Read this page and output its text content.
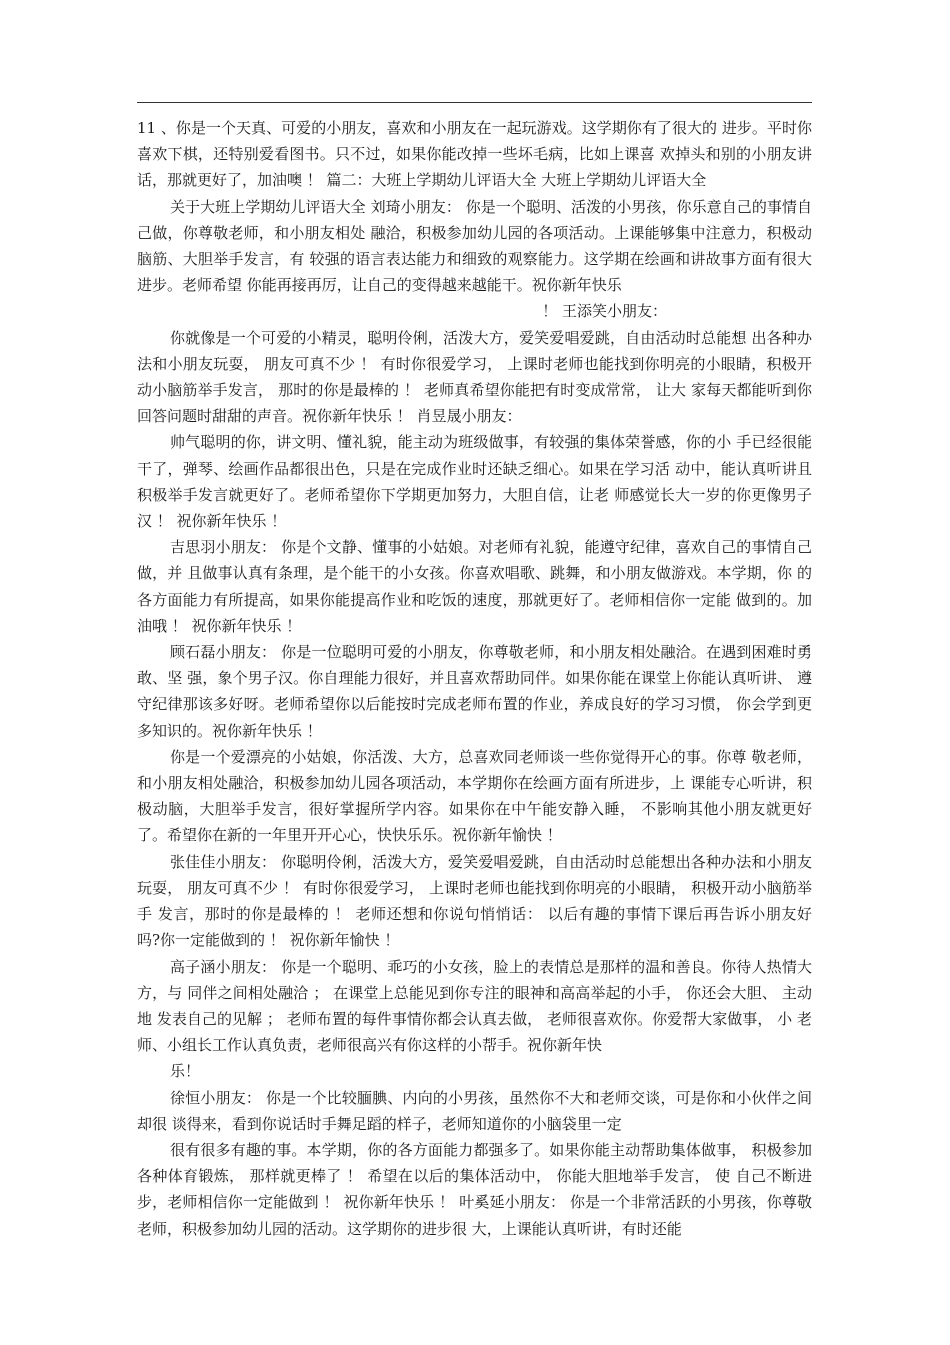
11 、你是一个天真、可爱的小朋友，喜欢和小朋友在一起玩游戏。这学期你有了很大的 进步。平时你喜欢下棋，还特别爱看图书。只不过，如果你能改掉一些坏毛病，比如上课喜 欢掉头和别的小朋友讲话，那就更好了，加油噢 ！ 篇二：大班上学期幼儿评语大全 大班上学期幼儿评语大全

关于大班上学期幼儿评语大全 刘琦小朋友： 你是一个聪明、活泼的小男孩，你乐意自己的事情自己做，你尊敬老师，和小朋友相处 融洽，积极参加幼儿园的各项活动。上课能够集中注意力，积极动脑筋、大胆举手发言，有 较强的语言表达能力和细致的观察能力。这学期在绘画和讲故事方面有很大进步。老师希望 你能再接再厉，让自己的变得越来越能干。祝你新年快乐

！ 王添笑小朋友：

你就像是一个可爱的小精灵，聪明伶俐，活泼大方，爱笑爱唱爱跳，自由活动时总能想 出各种办法和小朋友玩耍， 朋友可真不少 ！ 有时你很爱学习， 上课时老师也能找到你明亮的小眼睛，积极开动小脑筋举手发言， 那时的你是最棒的 ！ 老师真希望你能把有时变成常常， 让大 家每天都能听到你回答问题时甜甜的声音。祝你新年快乐 ！ 肖昱晟小朋友：

帅气聪明的你，讲文明、懂礼貌，能主动为班级做事，有较强的集体荣誉感，你的小 手已经很能干了，弹琴、绘画作品都很出色，只是在完成作业时还缺乏细心。如果在学习活 动中，能认真听讲且积极举手发言就更好了。老师希望你下学期更加努力，大胆自信，让老 师感觉长大一岁的你更像男子汉 ！ 祝你新年快乐 ！

吉思羽小朋友： 你是个文静、懂事的小姑娘。对老师有礼貌，能遵守纪律，喜欢自己的事情自己做，并 且做事认真有条理，是个能干的小女孩。你喜欢唱歌、跳舞，和小朋友做游戏。本学期，你 的各方面能力有所提高，如果你能提高作业和吃饭的速度，那就更好了。老师相信你一定能 做到的。加油哦 ！ 祝你新年快乐 ！

顾石磊小朋友： 你是一位聪明可爱的小朋友，你尊敬老师，和小朋友相处融洽。在遇到困难时勇敢、坚 强，象个男子汉。你自理能力很好，并且喜欢帮助同伴。如果你能在课堂上你能认真听讲、 遵守纪律那该多好呀。老师希望你以后能按时完成老师布置的作业，养成良好的学习习惯， 你会学到更多知识的。祝你新年快乐 ！

你是一个爱漂亮的小姑娘，你活泼、大方，总喜欢同老师谈一些你觉得开心的事。你尊 敬老师，和小朋友相处融洽，积极参加幼儿园各项活动，本学期你在绘画方面有所进步，上 课能专心听讲，积极动脑，大胆举手发言，很好掌握所学内容。如果你在中午能安静入睡， 不影响其他小朋友就更好了。希望你在新的一年里开开心心，快快乐乐。祝你新年愉快 ！

张佳佳小朋友： 你聪明伶俐，活泼大方，爱笑爱唱爱跳，自由活动时总能想出各种办法和小朋友玩耍， 朋友可真不少 ！ 有时你很爱学习， 上课时老师也能找到你明亮的小眼睛， 积极开动小脑筋举手 发言，那时的你是最棒的 ！ 老师还想和你说句悄悄话： 以后有趣的事情下课后再告诉小朋友好 吗?你一定能做到的 ！ 祝你新年愉快 ！

高子涵小朋友： 你是一个聪明、乖巧的小女孩，脸上的表情总是那样的温和善良。你待人热情大方，与 同伴之间相处融洽 ； 在课堂上总能见到你专注的眼神和高高举起的小手， 你还会大胆、 主动地 发表自己的见解 ； 老师布置的每件事情你都会认真去做， 老师很喜欢你。你爱帮大家做事， 小 老师、小组长工作认真负责，老师很高兴有你这样的小帮手。祝你新年快

乐！

徐恒小朋友： 你是一个比较腼腆、内向的小男孩，虽然你不大和老师交谈，可是你和小伙伴之间却很 谈得来，看到你说话时手舞足蹈的样子，老师知道你的小脑袋里一定

很有很多有趣的事。本学期，你的各方面能力都强多了。如果你能主动帮助集体做事， 积极参加各种体育锻炼， 那样就更棒了 ！ 希望在以后的集体活动中， 你能大胆地举手发言， 使 自己不断进步，老师相信你一定能做到 ！ 祝你新年快乐 ！ 叶奚延小朋友： 你是一个非常活跃的小男孩，你尊敬老师，积极参加幼儿园的活动。这学期你的进步很 大，上课能认真听讲，有时还能
